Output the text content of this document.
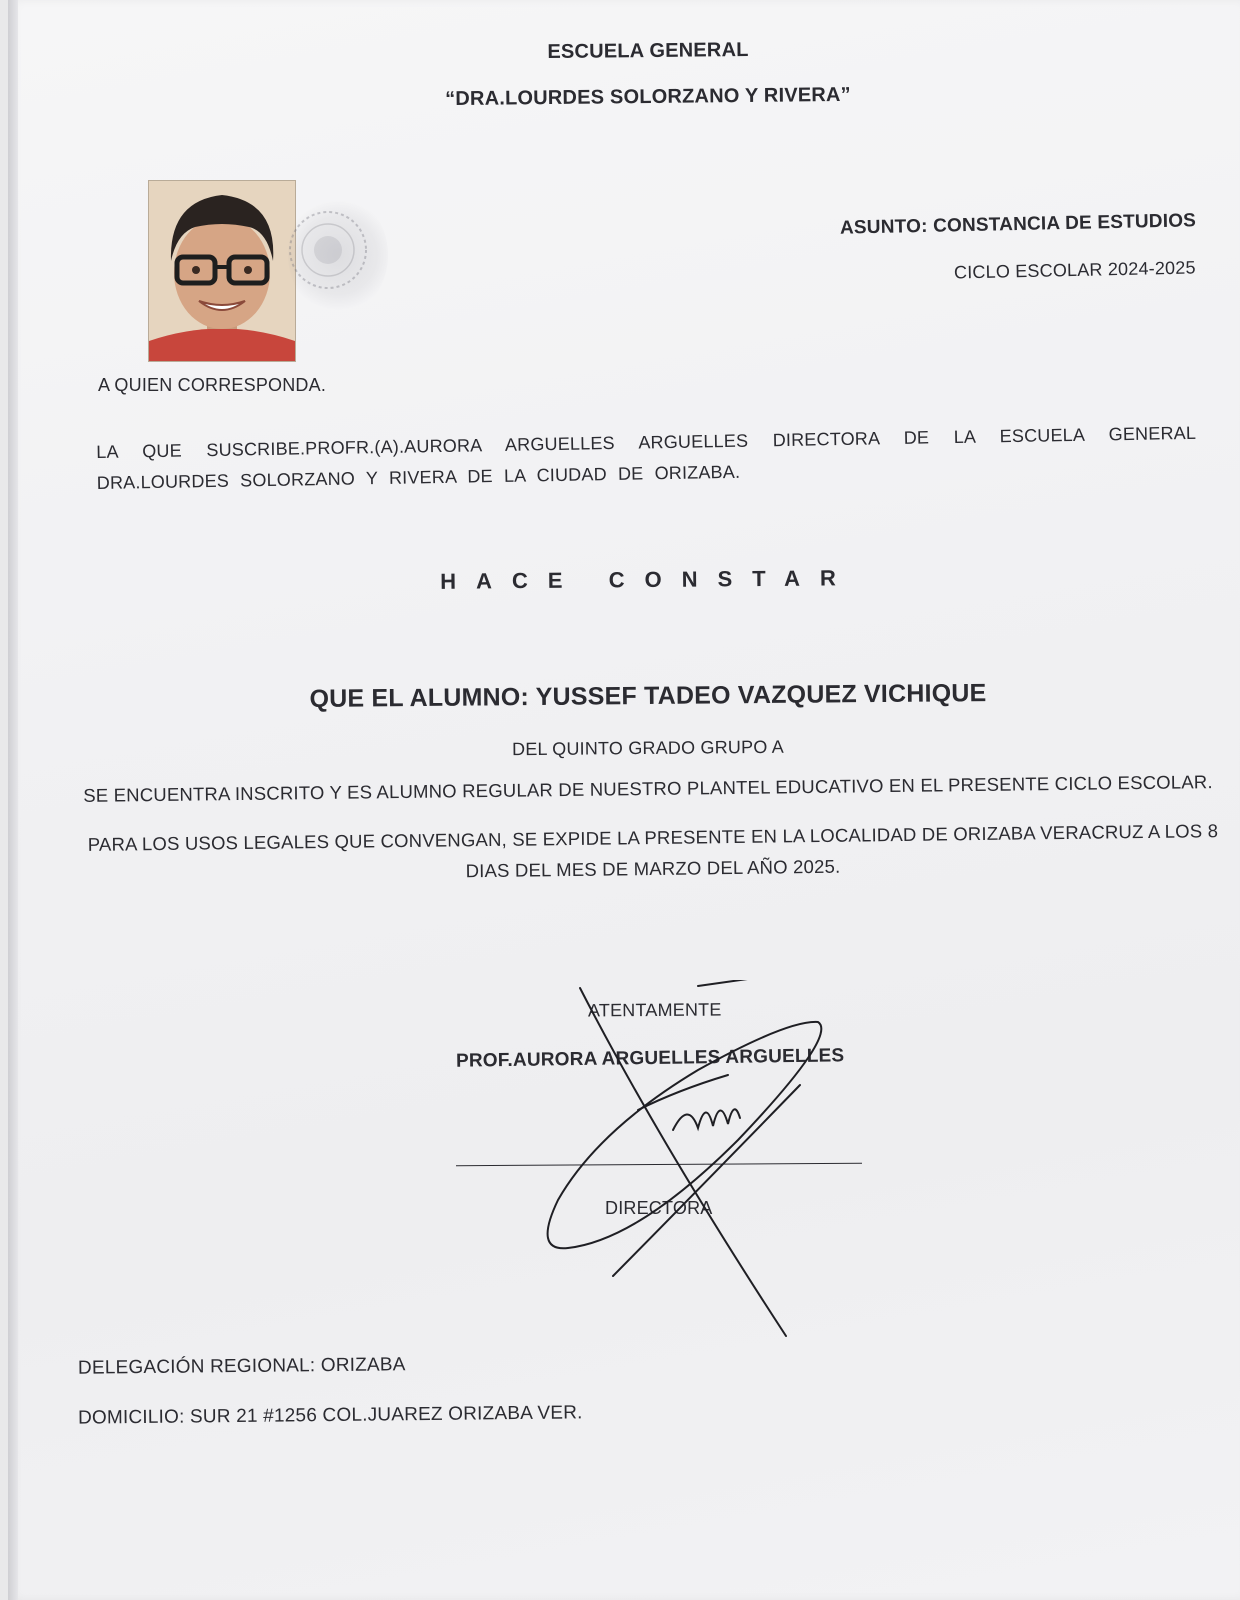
ESCUELA GENERAL
“DRA.LOURDES SOLORZANO Y RIVERA”
ASUNTO: CONSTANCIA DE ESTUDIOS
CICLO ESCOLAR 2024-2025
A QUIEN CORRESPONDA.
LA QUE SUSCRIBE.PROFR.(A).AURORA ARGUELLES ARGUELLES DIRECTORA DE LA ESCUELA GENERAL DRA.LOURDES SOLORZANO Y RIVERA DE LA CIUDAD DE ORIZABA.
HACE CONSTAR
QUE EL ALUMNO: YUSSEF TADEO VAZQUEZ VICHIQUE
DEL QUINTO GRADO GRUPO A
SE ENCUENTRA INSCRITO Y ES ALUMNO REGULAR DE NUESTRO PLANTEL EDUCATIVO EN EL PRESENTE CICLO ESCOLAR.
PARA LOS USOS LEGALES QUE CONVENGAN, SE EXPIDE LA PRESENTE EN LA LOCALIDAD DE ORIZABA VERACRUZ A LOS 8
DIAS DEL MES DE MARZO DEL AÑO 2025.
ATENTAMENTE
PROF.AURORA ARGUELLES ARGUELLES
DIRECTORA
DELEGACIÓN REGIONAL: ORIZABA
DOMICILIO: SUR 21 #1256 COL.JUAREZ ORIZABA VER.
